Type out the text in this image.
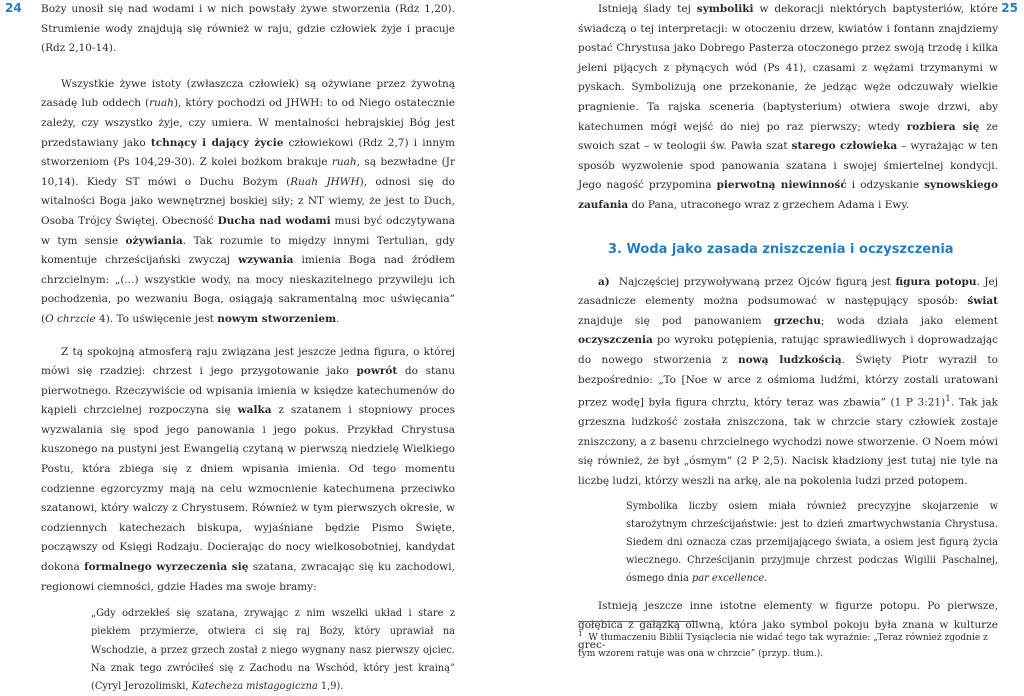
24 Boży unosił się nad wodami i w nich powstały żywe stworzenia (Rdz 1,20). Strumienie wody znajdują się również w raju, gdzie człowiek żyje i pracuje (Rdz 2,10-14).

Wszystkie żywe istoty (zwłaszcza człowiek) są ożywiane przez żywotną zasadę lub oddech (ruah), który pochodzi od JHWH: to od Niego ostatecznie zależy, czy wszystko żyje, czy umiera. W mentalności hebrajskiej Bóg jest przedstawiany jako tchnący i dający życie człowiekowi (Rdz 2,7) i innym stworzeniom (Ps 104,29-30). Z kolei bożkom brakuje ruah, są bezwładne (Jr 10,14). Kiedy ST mówi o Duchu Bożym (Ruah JHWH), odnosi się do witalności Boga jako wewnętrznej boskiej siły; z NT wiemy, że jest to Duch, Osoba Trójcy Świętej. Obecność Ducha nad wodami musi być odczytywana w tym sensie ożywiania. Tak rozumie to między innymi Tertulian, gdy komentuje chrześcijański zwyczaj wzywania imienia Boga nad źródłem chrzcielnym: „(...) wszystkie wody, na mocy nieskazitelnego przywileju ich pochodzenia, po wezwaniu Boga, osiągają sakramentalną moc uświęcania” (O chrzcie 4). To uświęcenie jest nowym stworzeniem.

Z tą spokojną atmosferą raju związana jest jeszcze jedna figura, o której mówi się rzadziej: chrzest i jego przygotowanie jako powrót do stanu pierwotnego. Rzeczywiście od wpisania imienia w księdze katechumenów do kąpieli chrzcielnej rozpoczyna się walka z szatanem i stopniowy proces wyzwalania się spod jego panowania i jego pokus. Przykład Chrystusa kuszonego na pustyni jest Ewangelią czytaną w pierwszą niedzielę Wielkiego Postu, która zbiega się z dniem wpisania imienia. Od tego momentu codzienne egzorcyzmy mają na celu wzmocnienie katechumena przeciwko szatanowi, który walczy z Chrystusem. Również w tym pierwszych okresie, w codziennych katechezach biskupa, wyjaśniane będzie Pismo Święte, począwszy od Księgi Rodzaju. Docierając do nocy wielkosobotniej, kandydat dokona formalnego wyrzeczenia się szatana, zwracając się ku zachodowi, regionowi ciemności, gdzie Hades ma swoje bramy:

„Gdy odrzekłeś się szatana, zrywając z nim wszelki układ i stare z piekłem przymierze, otwiera ci się raj Boży, który uprawiał na Wschodzie, a przez grzech został z niego wygnany nasz pierwszy ojciec. Na znak tego zwróciłeś się z Zachodu na Wschód, który jest krainą” (Cyryl Jerozolimski, Katecheza mistagogiczna 1,9).

25

Istnieją ślady tej symboliki w dekoracji niektórych baptysteriów, które świadczą o tej interpretacji: w otoczeniu drzew, kwiatów i fontann znajdziemy postać Chrystusa jako Dobrego Pasterza otoczonego przez swoją trzodę i kilka jeleni pijących z płynących wód (Ps 41), czasami z wężami trzymanymi w pyskach. Symbolizują one przekonanie, że jedząc węże odczuwały wielkie pragnienie. Ta rajska sceneria (baptysterium) otwiera swoje drzwi, aby katechumen mógł wejść do niej po raz pierwszy; wtedy rozbiera się ze swoich szat – w teologii św. Pawła szat starego człowieka – wyrażając w ten sposób wyzwolenie spod panowania szatana i swojej śmiertelnej kondycji. Jego nagość przypomina pierwotną niewinność i odzyskanie synowskiego zaufania do Pana, utraconego wraz z grzechem Adama i Ewy.

3. Woda jako zasada zniszczenia i oczyszczenia

a)  Najczęściej przywoływaną przez Ojców figurą jest figura potopu. Jej zasadnicze elementy można podsumować w następujący sposób: świat znajduje się pod panowaniem grzechu; woda działa jako element oczyszczenia po wyroku potępienia, ratując sprawiedliwych i doprowadzając do nowego stworzenia z nową ludzkością. Święty Piotr wyraził to bezpośrednio: „To [Noe w arce z ośmioma ludźmi, którzy zostali uratowani przez wodę] była figura chrztu, który teraz was zbawia” (1 P 3:21)$^1$. Tak jak grzeszna ludzkość została zniszczona, tak w chrzcie stary człowiek zostaje zniszczony, a z basenu chrzcielnego wychodzi nowe stworzenie. O Noem mówi się również, że był „ósmym” (2 P 2,5). Nacisk kładziony jest tutaj nie tyle na liczbę ludzi, którzy weszli na arkę, ale na pokolenia ludzi przed potopem.

Symbolika liczby osiem miała również precyzyjne skojarzenie w starożytnym chrześcijaństwie: jest to dzień zmartwychwstania Chrystusa. Siedem dni oznacza czas przemijającego świata, a osiem jest figurą życia wiecznego. Chrześcijanin przyjmuje chrzest podczas Wigilii Paschalnej, ósmego dnia par excellence.

Istnieją jeszcze inne istotne elementy w figurze potopu. Po pierwsze, gołębica z gałązką oliwną, która jako symbol pokoju była znana w kulturze grec-

$^1$  W tłumaczeniu Biblii Tysiąclecia nie widać tego tak wyraźnie: „Teraz również zgodnie z tym wzorem ratuje was ona w chrzcie” (przyp. tłum.).
